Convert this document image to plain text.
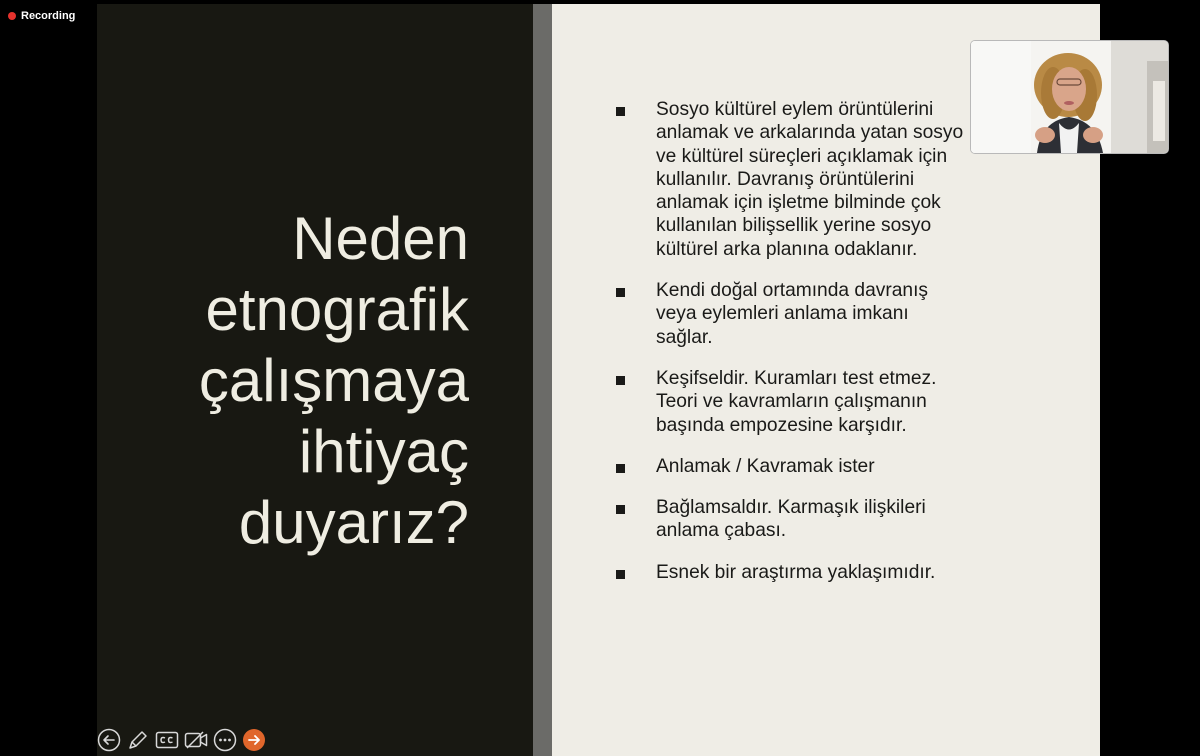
Recording
Neden
etnografik
çalışmaya
ihtiyaç
duyarız?
Sosyo kültürel eylem örüntülerini
anlamak ve arkalarında yatan sosyo
ve kültürel süreçleri açıklamak için
kullanılır. Davranış örüntülerini
anlamak için işletme bilminde çok
kullanılan bilişsellik yerine sosyo
kültürel arka planına odaklanır.
Kendi doğal ortamında davranış
veya eylemleri anlama imkanı
sağlar.
Keşifseldir. Kuramları test etmez.
Teori ve kavramların çalışmanın
başında empozesine karşıdır.
Anlamak / Kavramak ister
Bağlamsaldır. Karmaşık ilişkileri
anlama çabası.
Esnek bir araştırma yaklaşımıdır.
